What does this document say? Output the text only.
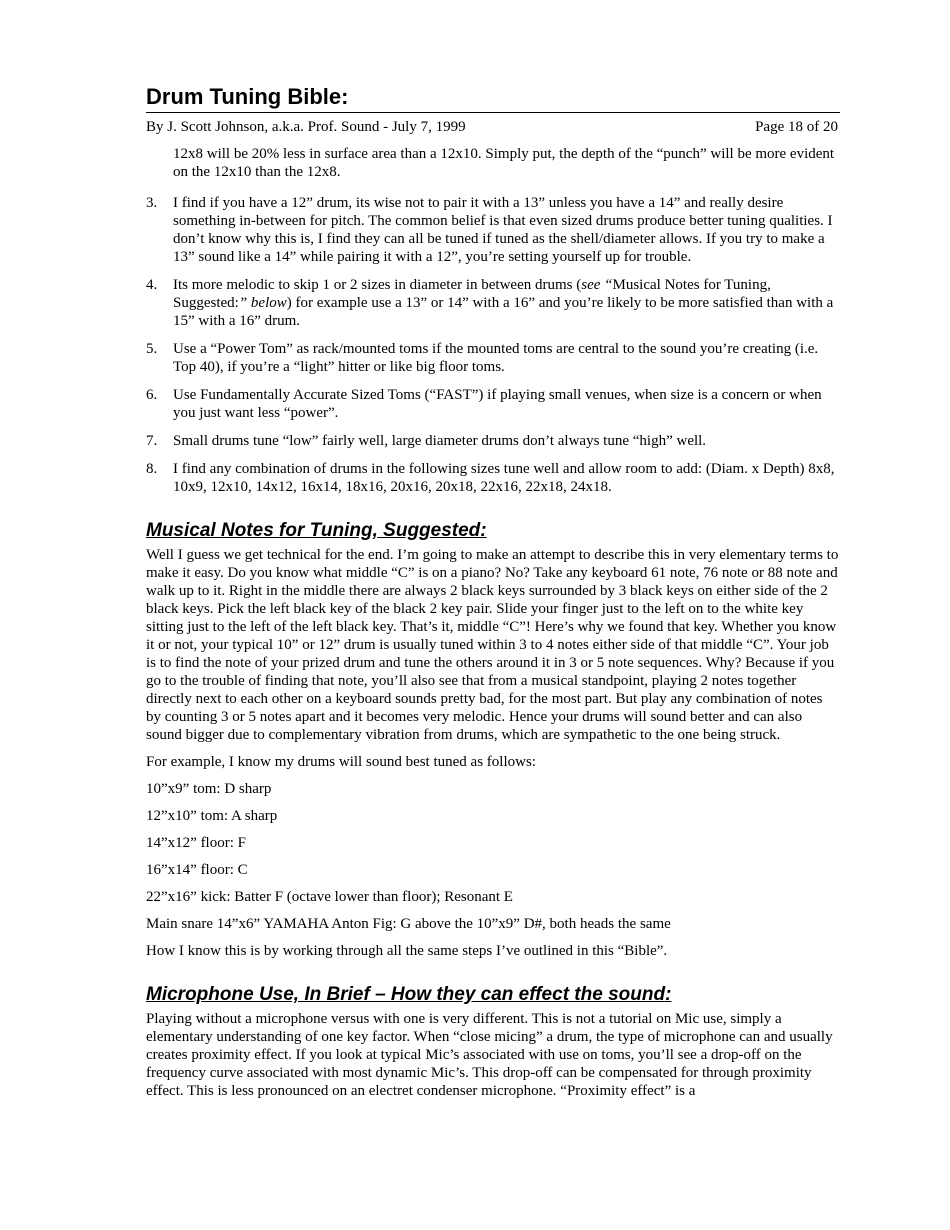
Drum Tuning Bible:
By J. Scott Johnson, a.k.a. Prof. Sound - July 7, 1999	Page 18 of 20

12x8 will be 20% less in surface area than a 12x10. Simply put, the depth of the “punch” will be more evident on the 12x10 than the 12x8.

3. I find if you have a 12” drum, its wise not to pair it with a 13” unless you have a 14” and really desire something in-between for pitch. The common belief is that even sized drums produce better tuning qualities. I don’t know why this is, I find they can all be tuned if tuned as the shell/diameter allows. If you try to make a 13” sound like a 14” while pairing it with a 12”, you’re setting yourself up for trouble.
4. Its more melodic to skip 1 or 2 sizes in diameter in between drums (see “Musical Notes for Tuning, Suggested:” below) for example use a 13” or 14” with a 16” and you’re likely to be more satisfied than with a 15” with a 16” drum.
5. Use a “Power Tom” as rack/mounted toms if the mounted toms are central to the sound you’re creating (i.e. Top 40), if you’re a “light” hitter or like big floor toms.
6. Use Fundamentally Accurate Sized Toms (“FAST”) if playing small venues, when size is a concern or when you just want less “power”.
7. Small drums tune “low” fairly well, large diameter drums don’t always tune “high” well.
8. I find any combination of drums in the following sizes tune well and allow room to add: (Diam. x Depth) 8x8, 10x9, 12x10, 14x12, 16x14, 18x16, 20x16, 20x18, 22x16, 22x18, 24x18.
Musical Notes for Tuning, Suggested:

Well I guess we get technical for the end. I’m going to make an attempt to describe this in very elementary terms to make it easy. Do you know what middle “C” is on a piano? No? Take any keyboard 61 note, 76 note or 88 note and walk up to it. Right in the middle there are always 2 black keys surrounded by 3 black keys on either side of the 2 black keys. Pick the left black key of the black 2 key pair. Slide your finger just to the left on to the white key sitting just to the left of the left black key. That’s it, middle “C”! Here’s why we found that key. Whether you know it or not, your typical 10” or 12” drum is usually tuned within 3 to 4 notes either side of that middle “C”. Your job is to find the note of your prized drum and tune the others around it in 3 or 5 note sequences. Why? Because if you go to the trouble of finding that note, you’ll also see that from a musical standpoint, playing 2 notes together directly next to each other on a keyboard sounds pretty bad, for the most part. But play any combination of notes by counting 3 or 5 notes apart and it becomes very melodic. Hence your drums will sound better and can also sound bigger due to complementary vibration from drums, which are sympathetic to the one being struck.

For example, I know my drums will sound best tuned as follows:

10”x9” tom: D sharp

12”x10” tom: A sharp

14”x12” floor: F

16”x14” floor: C

22”x16” kick: Batter F (octave lower than floor); Resonant E

Main snare 14”x6” YAMAHA Anton Fig: G above the 10”x9” D#, both heads the same

How I know this is by working through all the same steps I’ve outlined in this “Bible”.

Microphone Use, In Brief – How they can effect the sound:

Playing without a microphone versus with one is very different. This is not a tutorial on Mic use, simply a elementary understanding of one key factor. When “close micing” a drum, the type of microphone can and usually creates proximity effect. If you look at typical Mic’s associated with use on toms, you’ll see a drop-off on the frequency curve associated with most dynamic Mic’s. This drop-off can be compensated for through proximity effect. This is less pronounced on an electret condenser microphone. “Proximity effect” is a
